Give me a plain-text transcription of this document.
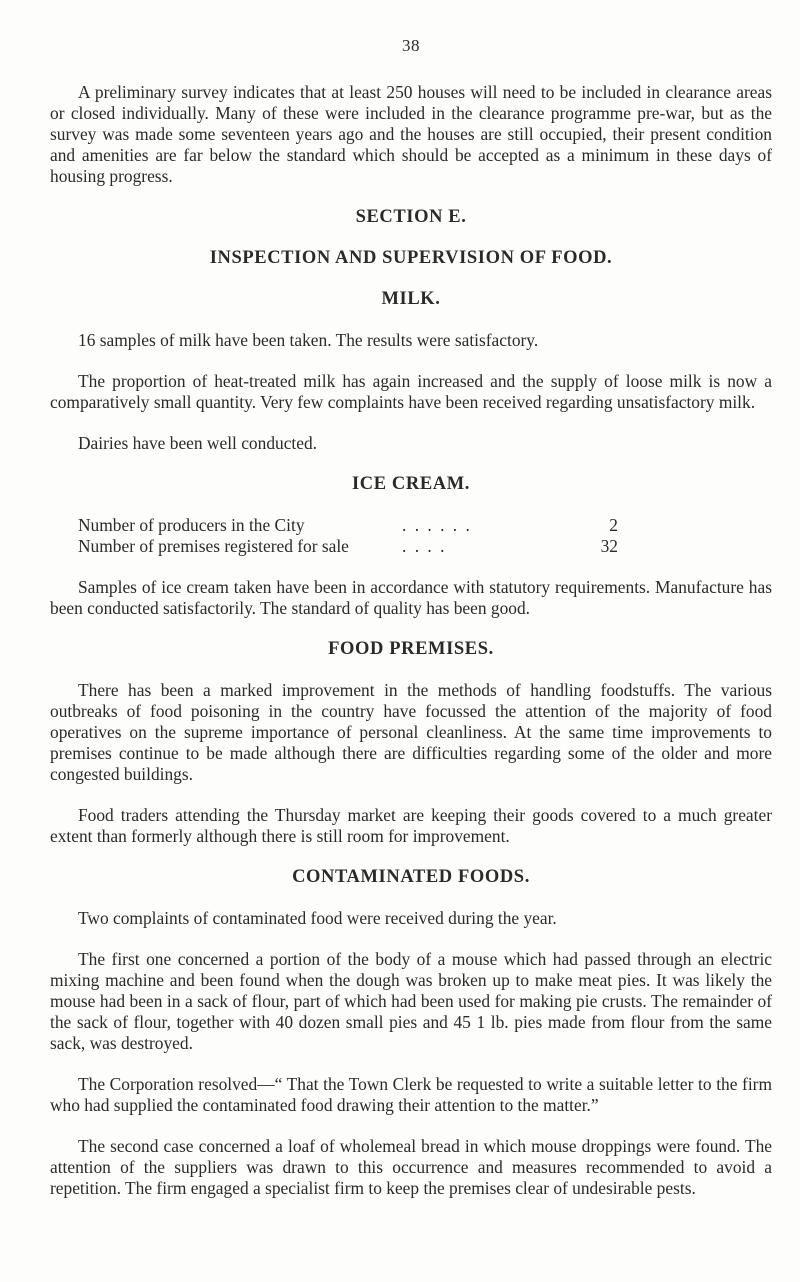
38

A preliminary survey indicates that at least 250 houses will need to be included in clearance areas or closed individually. Many of these were included in the clearance programme pre-war, but as the survey was made some seventeen years ago and the houses are still occupied, their present condition and amenities are far below the standard which should be accepted as a minimum in these days of housing progress.

SECTION E.
INSPECTION AND SUPERVISION OF FOOD.
MILK.

16 samples of milk have been taken. The results were satisfactory.

The proportion of heat-treated milk has again increased and the supply of loose milk is now a comparatively small quantity. Very few complaints have been received regarding unsatisfactory milk.

Dairies have been well conducted.

ICE CREAM.
Number of producers in the City	. . . . . .	2
Number of premises registered for sale	. . . .	32

Samples of ice cream taken have been in accordance with statutory requirements. Manufacture has been conducted satisfactorily. The standard of quality has been good.

FOOD PREMISES.

There has been a marked improvement in the methods of handling foodstuffs. The various outbreaks of food poisoning in the country have focussed the attention of the majority of food operatives on the supreme importance of personal cleanliness. At the same time improvements to premises continue to be made although there are difficulties regarding some of the older and more congested buildings.

Food traders attending the Thursday market are keeping their goods covered to a much greater extent than formerly although there is still room for improvement.

CONTAMINATED FOODS.

Two complaints of contaminated food were received during the year.

The first one concerned a portion of the body of a mouse which had passed through an electric mixing machine and been found when the dough was broken up to make meat pies. It was likely the mouse had been in a sack of flour, part of which had been used for making pie crusts. The remainder of the sack of flour, together with 40 dozen small pies and 45 1 lb. pies made from flour from the same sack, was destroyed.

The Corporation resolved—“ That the Town Clerk be requested to write a suitable letter to the firm who had supplied the contaminated food drawing their attention to the matter.”

The second case concerned a loaf of wholemeal bread in which mouse droppings were found. The attention of the suppliers was drawn to this occurrence and measures recommended to avoid a repetition. The firm engaged a specialist firm to keep the premises clear of undesirable pests.
